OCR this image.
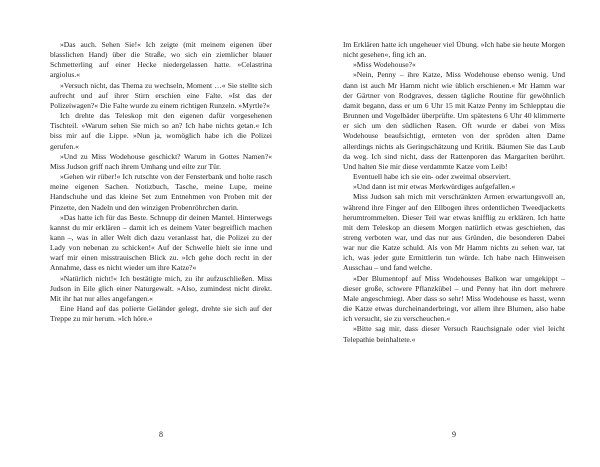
»Das auch. Sehen Sie!« Ich zeigte (mit meinem eigenen über blasslichen Hand) über die Straße, wo sich ein ziemlicher blauer Schmetterling auf einer Hecke niedergelassen hatte. »Celastrina argiolus.«

»Versuch nicht, das Thema zu wechseln, Moment …« Sie stellte sich aufrecht und auf ihrer Stirn erschien eine Falte. »Ist das der Polizeiwagen?« Die Falte wurde zu einem richtigen Runzeln. »Myrtle?«

Ich drehte das Teleskop mit den eigenen dafür vorgesehenen Tischteil. »Warum sehen Sie mich so an? Ich habe nichts getan.« Ich biss mir auf die Lippe. »Nun ja, womöglich habe ich die Polizei gerufen.«

»Und zu Miss Wodehouse geschickt? Warum in Gottes Namen?« Miss Judson griff nach ihrem Umhang und eilte zur Tür.

»Gehen wir rüber!« Ich rutschte von der Fensterbank und holte rasch meine eigenen Sachen. Notizbuch, Tasche, meine Lupe, meine Handschuhe und das kleine Set zum Entnehmen von Proben mit der Pinzette, den Nadeln und den winzigen Probenröhrchen darin.

»Das hatte ich für das Beste. Schnupp dir deinen Mantel. Hinterwegs kannst du mir erklären – damit ich es deinem Vater begreiflich machen kann –, was in aller Welt dich dazu veranlasst hat, die Polizei zu der Lady von nebenan zu schicken!« Auf der Schwelle hielt sie inne und warf mir einen misstrauischen Blick zu. »Ich gehe doch recht in der Annahme, dass es nicht wieder um ihre Katze?«

»Natürlich nicht!« Ich bestätigte mich, zu ihr aufzuschließen. Miss Judson in Eile glich einer Naturgewalt. »Also, zumindest nicht direkt. Mit ihr hat nur alles angefangen.«

Eine Hand auf das polierte Geländer gelegt, drehte sie sich auf der Treppe zu mir herum. »Ich höre.«

8

Im Erklären hatte ich ungeheuer viel Übung. »Ich habe sie heute Morgen nicht gesehen«, fing ich an.

»Miss Wodehouse?«

»Nein, Penny – ihre Katze, Miss Wodehouse ebenso wenig. Und dann ist auch Mr Hamm nicht wie üblich erschienen.« Mr Hamm war der Gärtner von Rodgraves, dessen tägliche Routine für gewöhnlich damit begann, dass er um 6 Uhr 15 mit Katze Penny im Schlepptau die Brunnen und Vogelbäder überprüfte. Um spätestens 6 Uhr 40 klimmerte er sich um den südlichen Rasen. Oft wurde er dabei von Miss Wodehouse beaufsichtigt, ernteten von der spröden alten Dame allerdings nichts als Geringschätzung und Kritik. Bäumen Sie das Laub da weg. Ich sind nicht, dass der Rattenporen das Margariten berührt. Und halten Sie mir diese verdammte Katze vom Leib!

Eventuell habe ich sie ein- oder zweimal observiert.

»Und dann ist mir etwas Merkwürdiges aufgefallen.«

Miss Judson sah mich mit verschränkten Armen erwartungsvoll an, während ihre Finger auf den Ellbogen ihres ordentlichen Tweedjacketts herumtrommelten. Dieser Teil war etwas knifflig zu erklären. Ich hatte mit dem Teleskop an diesem Morgen natürlich etwas geschiehen, das streng verboten war, und das nur aus Gründen, die besonderen Dabei war nur die Katze schuld. Als von Mr Hamm nichts zu sehen war, tat ich, was jeder gute Ermittlerin tun würde. Ich habe nach Hinweisen Ausschau – und fand welche.

»Der Blumentopf auf Miss Wodehouses Balkon war umgekippt – dieser große, schwere Pflanzkübel – und Penny hat ihn dort mehrere Male angeschmiegt. Aber dass so sehr! Miss Wodehouse es hasst, wenn die Katze etwas durcheinanderbringt, vor allem ihre Blumen, also habe ich versucht, sie zu verscheuchen.«

»Bitte sag mir, dass dieser Versuch Rauchsignale oder viel leicht Telepathie beinhaltete.«

9
